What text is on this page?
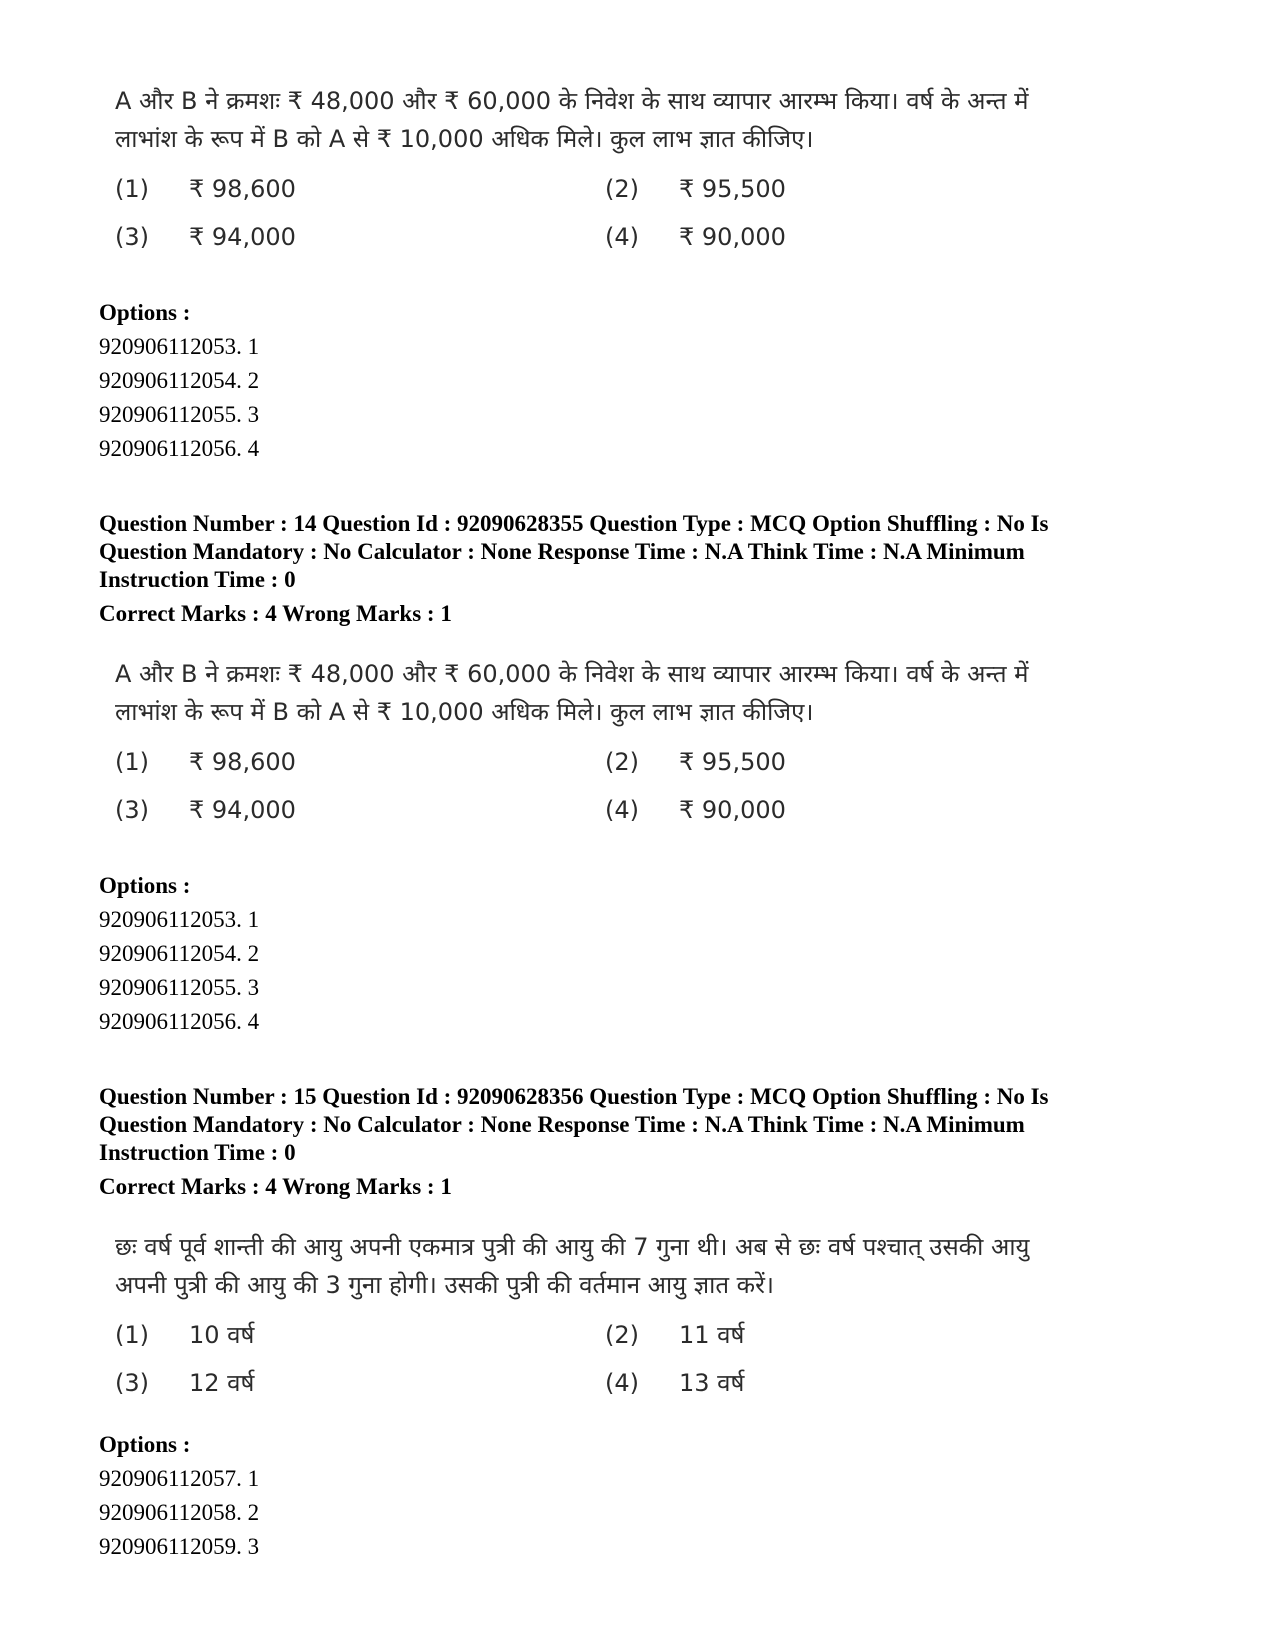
A और B ने क्रमशः ₹ 48,000 और ₹ 60,000 के निवेश के साथ व्यापार आरम्भ किया। वर्ष के अन्त में

लाभांश के रूप में B को A से ₹ 10,000 अधिक मिले। कुल लाभ ज्ञात कीजिए।

(1)	₹ 98,600	(2)	₹ 95,500
(3)	₹ 94,000	(4)	₹ 90,000

Options :

920906112053. 1

920906112054. 2

920906112055. 3

920906112056. 4

Question Number : 14 Question Id : 92090628355 Question Type : MCQ Option Shuffling : No Is

Question Mandatory : No Calculator : None Response Time : N.A Think Time : N.A Minimum

Instruction Time : 0

Correct Marks : 4 Wrong Marks : 1

A और B ने क्रमशः ₹ 48,000 और ₹ 60,000 के निवेश के साथ व्यापार आरम्भ किया। वर्ष के अन्त में

लाभांश के रूप में B को A से ₹ 10,000 अधिक मिले। कुल लाभ ज्ञात कीजिए।

(1)	₹ 98,600	(2)	₹ 95,500
(3)	₹ 94,000	(4)	₹ 90,000

Options :

920906112053. 1

920906112054. 2

920906112055. 3

920906112056. 4

Question Number : 15 Question Id : 92090628356 Question Type : MCQ Option Shuffling : No Is

Question Mandatory : No Calculator : None Response Time : N.A Think Time : N.A Minimum

Instruction Time : 0

Correct Marks : 4 Wrong Marks : 1

छः वर्ष पूर्व शान्ती की आयु अपनी एकमात्र पुत्री की आयु की 7 गुना थी। अब से छः वर्ष पश्चात् उसकी आयु

अपनी पुत्री की आयु की 3 गुना होगी। उसकी पुत्री की वर्तमान आयु ज्ञात करें।

(1)	10 वर्ष	(2)	11 वर्ष
(3)	12 वर्ष	(4)	13 वर्ष

Options :

920906112057. 1

920906112058. 2

920906112059. 3
